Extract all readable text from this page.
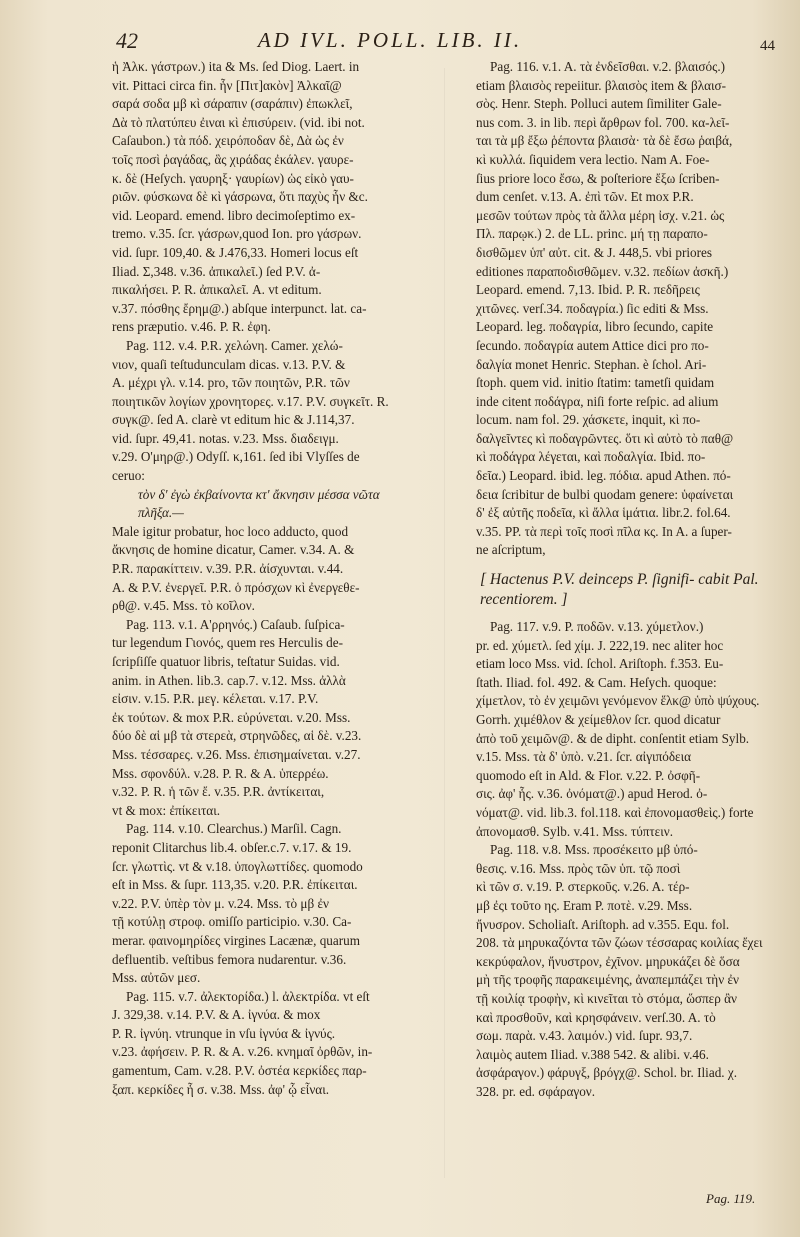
42	AD IVL. POLL. LIB. II.	44
ἡ Ἀλκ. γάστρων.) ita & Ms. ſed Diog. Laert. in
vit. Pittaci circa fin. ἦν [Πιτ]ακὸν] Ἀλκαῖ@
σαρά σοδα μβ κὶ σάραπιν (σαράπιν) ἐπωκλεῖ,
Δὰ τὸ πλατύπευ ἐιναι κὶ ἐπισύρειν. (vid. ibi not.
Caſaubon.) τὰ πόδ. χειρόποδαν δὲ, Δὰ ὡς ἐν
τοῖς ποσὶ ῥαγάδας, ἃς χιράδας ἐκάλεν. γαυρε-
κ. δὲ (Heſych. γαυρηξ· γαυρίων) ὡς εἰκὸ γαυ-
ριῶν. φύσκωνα δὲ κὶ γάσρωνα, ὅτι παχὺς ἦν &c.
vid. Leopard. emend. libro decimoſeptimo ex-
tremo. v.35. ſcr. γάσρων,quod Ion. pro γάσρων.
vid. ſupr. 109,40. & J.476,33. Homeri locus eſt
Iliad. Σ,348. v.36. ἀπικαλεῖ.) ſed P.V. ἀ-
πικαλήσει. P. R. ἀπικαλεῖ. A. vt editum.
v.37. πόσθης ἔρημ@.) abſque interpunct. lat. ca-
rens præputio. v.46. P. R. ἐφη.
Pag. 112. v.4. P.R. χελώνη. Camer. χελώ-
νιον, quaſi teſtudunculam dicas. v.13. P.V. &
A. μέχρι γλ. v.14. pro, τῶν ποιητῶν, P.R. τῶν
ποιητικῶν λογίων χρονητορες. v.17. P.V. συγκεῖτ. R.
συγκ@. ſed A. clarè vt editum hic & J.114,37.
vid. ſupr. 49,41. notas. v.23. Mss. διαδειγμ.
v.29. O'μηρ@.) Odyſſ. κ,161. ſed ibi Vlyſſes de
ceruo:
τὸν δ' ἐγὼ ἐκβαίνοντα κτ' ἄκνησιν μέσσα νῶτα
πλῆξα.—
Male igitur probatur, hoc loco adducto, quod
ἄκνησις de homine dicatur, Camer. v.34. A. &
P.R. παρακίττειν. v.39. P.R. ἀίσχυνται. v.44.
A. & P.V. ἐνεργεῖ. P.R. ὁ πρόσχων κὶ ἐνεργεθε-
ρθ@. v.45. Mss. τὸ κοῖλον.
Pag. 113. v.1. A'ρρηνός.) Caſaub. ſuſpica-
tur legendum Γιονός, quem res Herculis de-
ſcripſiſſe quatuor libris, teſtatur Suidas. vid.
anim. in Athen. lib.3. cap.7. v.12. Mss. ἀλλὰ
εἰσιν. v.15. P.R. μεγ. κέλεται. v.17. P.V.
ἐκ τούτων. & mox P.R. εὐρύνεται. v.20. Mss.
δύο δὲ αἱ μβ τὰ στερεὰ, στρηνῶδες, αἱ δὲ. v.23.
Mss. τέσσαρες. v.26. Mss. ἐπισημαίνεται. v.27.
Mss. σφονδύλ. v.28. P. R. & A. ὑπερρέω.
v.32. P. R. ἡ τῶν ἔ. v.35. P.R. ἀντίκειται,
vt & mox: ἐπίκειται.
Pag. 114. v.10. Clearchus.) Marſil. Cagn.
reponit Clitarchus lib.4. obſer.c.7. v.17. & 19.
ſcr. γλωττὶς. vt & v.18. ὑπογλωττίδες. quomodo
eſt in Mss. & ſupr. 113,35. v.20. P.R. ἐπίκειται.
v.22. P.V. ὑπὲρ τὸν μ. v.24. Mss. τὸ μβ ἐν
τῇ κοτύλῃ στροφ. omiſſo participio. v.30. Ca-
merar. φαινομηρίδες virgines Lacænæ, quarum
defluentib. veſtibus femora nudarentur. v.36.
Mss. αὐτῶν μεσ.
Pag. 115. v.7. ἀλεκτορίδα.) l. ἀλεκτρίδα. vt eſt
J. 329,38. v.14. P.V. & A. ἰγνύα. & mox
P. R. ἰγνύη. vtrunque in vſu ἰγνύα & ἰγνύς.
v.23. ἀφήσειν. P. R. & A. v.26. κνημαῖ ὀρθῶν, in-
gamentum, Cam. v.28. P.V. ὀστέα κερκίδες παρ-
ξαπ. κερκίδες ἦ σ. v.38. Mss. ἀφ' ᾧ εἶναι.
Pag. 116. v.1. A. τὰ ἐνδεῖσθαι. v.2. βλαισός.)
etiam βλαισὸς repeiitur. βλαισὸς item & βλαισ-
σὸς. Henr. Steph. Polluci autem ſimiliter Gale-
nus com. 3. in lib. περὶ ἄρθρων fol. 700. κα-λεῖ-
ται τὰ μβ ἔξω ῥέποντα βλαισὰ· τὰ δὲ ἔσω ῥαιβά,
κὶ κυλλά. ſiquidem vera lectio. Nam A. Foe-
ſius priore loco ἔσω, & poſteriore ἔξω ſcriben-
dum cenſet. v.13. A. ἐπὶ τῶν. Et mox P.R.
μεσῶν τούτων πρὸς τὰ ἄλλα μέρη ἰσχ. v.21. ὡς
Πλ. παρῳκ.) 2. de LL. princ. μή τῃ παραπο-
δισθῶμεν ὑπ' αὐτ. cit. & J. 448,5. vbi priores
editiones παραποδισθῶμεν. v.32. πεδίων ἀσκῆ.)
Leopard. emend. 7,13. Ibid. P. R. πεδῆρεις
χιτῶνες. verſ.34. ποδαγρία.) ſic editi & Mss.
Leopard. leg. ποδαγρία, libro ſecundo, capite
ſecundo. ποδαγρία autem Attice dici pro πο-
δαλγία monet Henric. Stephan. è ſchol. Ari-
ſtoph. quem vid. initio ſtatim: tametſi quidam
inde citent ποδάγρα, niſi forte reſpic. ad alium
locum. nam fol. 29. χάσκετε, inquit, κὶ πο-
δαλγεῖντες κὶ ποδαγρῶντες. ὅτι κὶ αὐτὸ τὸ παθ@
κὶ ποδάγρα λέγεται, καὶ ποδαλγία. Ibid. πο-
δεῖα.) Leopard. ibid. leg. πόδια. apud Athen. πό-
δεια ſcribitur de bulbi quodam genere: ὑφαίνεται
δ' ἐξ αὐτῆς ποδεῖα, κὶ ἄλλα ἱμάτια. libr.2. fol.64.
v.35. PP. τὰ περὶ τοῖς ποσὶ πῖλα κς. In A. a ſuper-
ne aſcriptum,
[ Hactenus P.V. deinceps P. ſignifi- cabit Pal. recentiorem. ]
Pag. 117. v.9. P. ποδῶν. v.13. χύμετλον.)
pr. ed. χύμετλ. ſed χίμ. J. 222,19. nec aliter hoc
etiam loco Mss. vid. ſchol. Ariſtoph. f.353. Eu-
ſtath. Iliad. fol. 492. & Cam. Heſych. quoque:
χίμετλον, τὸ ἐν χειμῶνι γενόμενον ἕλκ@ ὑπὸ ψύχους.
Gorrh. χιμέθλον & χείμεθλον ſcr. quod dicatur
ἀπὸ τοῦ χειμῶν@. & de dipht. conſentit etiam Sylb.
v.15. Mss. τὰ δ' ὑπὸ. v.21. ſcr. αἰγιπόδεια
quomodo eſt in Ald. & Flor. v.22. P. ὀσφῆ-
σις. ἀφ' ἧς. v.36. ὀνόματ@.) apud Herod. ὀ-
νόματ@. vid. lib.3. fol.118. καὶ ἐπονομασθεὶς.) forte
ἀπονομασθ. Sylb. v.41. Mss. τύπτειν.
Pag. 118. v.8. Mss. προσέκειτο μβ ὑπό-
θεσις. v.16. Mss. πρὸς τῶν ὑπ. τῷ ποσὶ
κὶ τῶν σ. v.19. P. στερκοῦς. v.26. A. τέρ-
μβ ἐςι τοῦτο ης. Eram P. ποτὲ. v.29. Mss.
ἤνυσρον. Scholiaſt. Ariſtoph. ad v.355. Equ. fol.
208. τὰ μηρυκαζόντα τῶν ζώων τέσσαρας κοιλίας ἔχει
κεκρύφαλον, ἤνυστρον, ἐχῖνον. μηρυκάζει δὲ ὅσα
μὴ τῆς τροφῆς παρακειμένης, ἀναπεμπάζει τὴν ἐν
τῇ κοιλίᾳ τροφὴν, κὶ κινεῖται τὸ στόμα, ὥσπερ ἂν
καὶ προσθοῦν, καὶ κρησφάνειν. verſ.30. A. τὸ
σωμ. παρὰ. v.43. λαιμόν.) vid. ſupr. 93,7.
λαιμὸς autem Iliad. v.388 542. & alibi. v.46.
ἀσφάραγον.) φάρυγξ, βρόγχ@. Schol. br. Iliad. χ.
328. pr. ed. σφάραγον.
Pag. 119.
